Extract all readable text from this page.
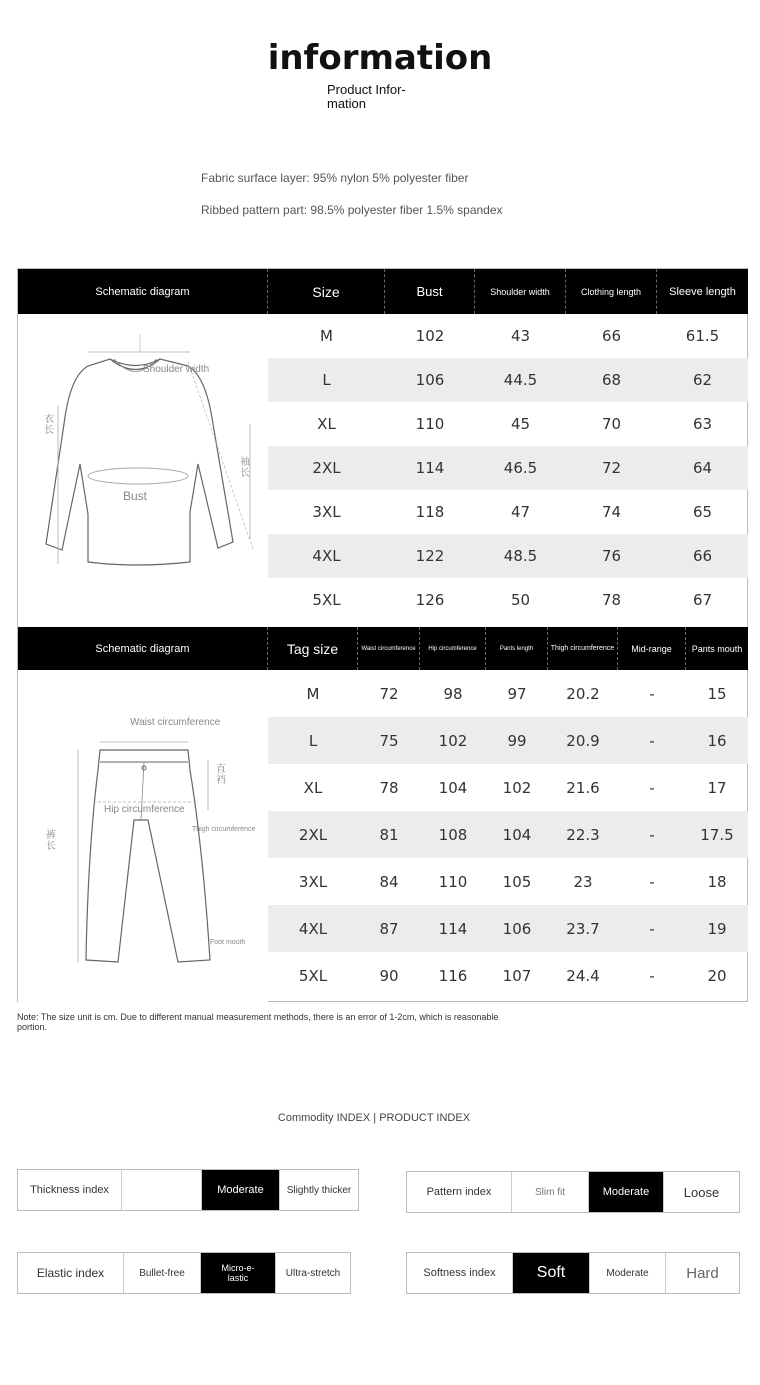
information
Product Infor- mation
Fabric surface layer: 95% nylon 5% polyester fiber
Ribbed pattern part: 98.5% polyester fiber 1.5% spandex
Schematic diagram	Size	Bust	Shoulder width	Clothing length	Sleeve length
M	102	43	66	61.5
L	106	44.5	68	62
XL	110	45	70	63
2XL	114	46.5	72	64
3XL	118	47	74	65
4XL	122	48.5	76	66
5XL	126	50	78	67
Shoulder width
Bust
衣长
袖长
Schematic diagram	Tag size	Waist circumference	Hip circumference	Pants length	Thigh circumference	Mid-range	Pants mouth
M	72	98	97	20.2	-	15
L	75	102	99	20.9	-	16
XL	78	104	102	21.6	-	17
2XL	81	108	104	22.3	-	17.5
3XL	84	110	105	23	-	18
4XL	87	114	106	23.7	-	19
5XL	90	116	107	24.4	-	20
Waist circumference
Hip circumference
Thigh circumference
Foot mouth
裤长
直裆
Note: The size unit is cm. Due to different manual measurement methods, there is an error of 1-2cm, which is reasonable portion.
Commodity INDEX | PRODUCT INDEX
Thickness index	Moderate	Slightly thicker	Pattern index	Slim fit	Moderate	Loose
Elastic index	Bullet-free	Micro-e- lastic	Ultra-stretch	Softness index	Soft	Moderate	Hard
